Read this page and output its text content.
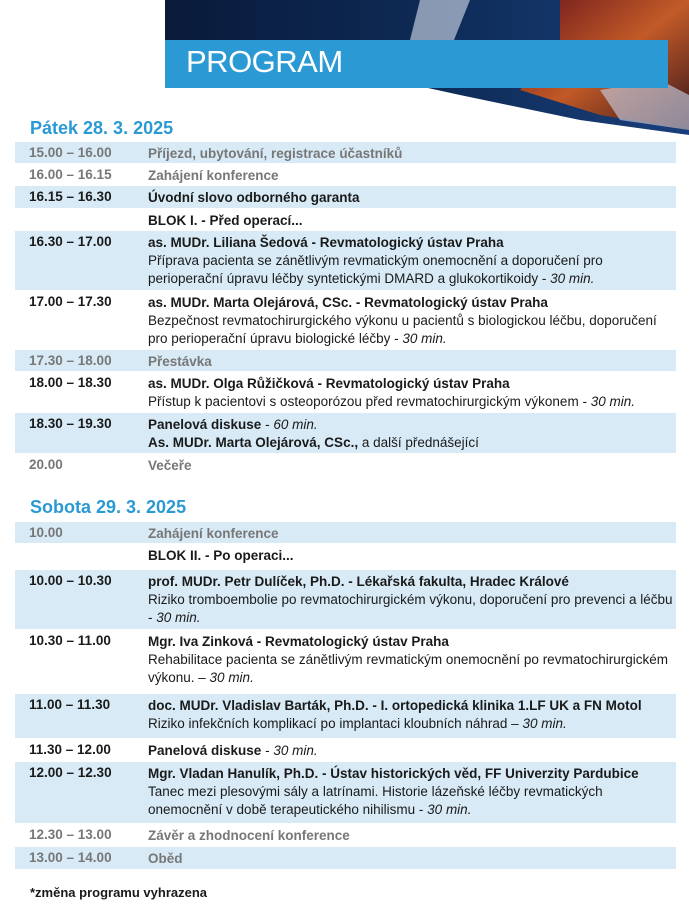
PROGRAM
Pátek 28. 3. 2025
15.00 – 16.00	Příjezd, ubytování, registrace účastníků
16.00 – 16.15	Zahájení konference
16.15 – 16.30	Úvodní slovo odborného garanta
BLOK I. - Před operací...
16.30 – 17.00	as. MUDr. Liliana Šedová - Revmatologický ústav Praha
Příprava pacienta se zánětlivým revmatickým onemocnění a doporučení pro perioperační úpravu léčby syntetickými DMARD a glukokortikoidy - 30 min.
17.00 – 17.30	as. MUDr. Marta Olejárová, CSc. - Revmatologický ústav Praha
Bezpečnost revmatochirurgického výkonu u pacientů s biologickou léčbu, doporučení pro perioperační úpravu biologické léčby - 30 min.
17.30 – 18.00	Přestávka
18.00 – 18.30	as. MUDr. Olga Růžičková - Revmatologický ústav Praha
Přístup k pacientovi s osteoporózou před revmatochirurgickým výkonem - 30 min.
18.30 – 19.30	Panelová diskuse - 60 min.
As. MUDr. Marta Olejárová, CSc., a další přednášející
20.00	Večeře
Sobota 29. 3. 2025
10.00	Zahájení konference
BLOK II. - Po operaci...
10.00 – 10.30	prof. MUDr. Petr Dulíček, Ph.D. - Lékařská fakulta, Hradec Králové
Riziko tromboembolie po revmatochirurgickém výkonu, doporučení pro prevenci a léčbu - 30 min.
10.30 – 11.00	Mgr. Iva Zinková - Revmatologický ústav Praha
Rehabilitace pacienta se zánětlivým revmatickým onemocnění po revmatochirurgickém výkonu. – 30 min.
11.00 – 11.30	doc. MUDr. Vladislav Barták, Ph.D. - I. ortopedická klinika 1.LF UK a FN Motol
Riziko infekčních komplikací po implantaci kloubních náhrad – 30 min.
11.30 – 12.00	Panelová diskuse - 30 min.
12.00 – 12.30	Mgr. Vladan Hanulík, Ph.D. - Ústav historických věd, FF Univerzity Pardubice
Tanec mezi plesovými sály a latrínami. Historie lázeňské léčby revmatických onemocnění v době terapeutického nihilismu - 30 min.
12.30 – 13.00	Závěr a zhodnocení konference
13.00 – 14.00	Oběd
*změna programu vyhrazena
